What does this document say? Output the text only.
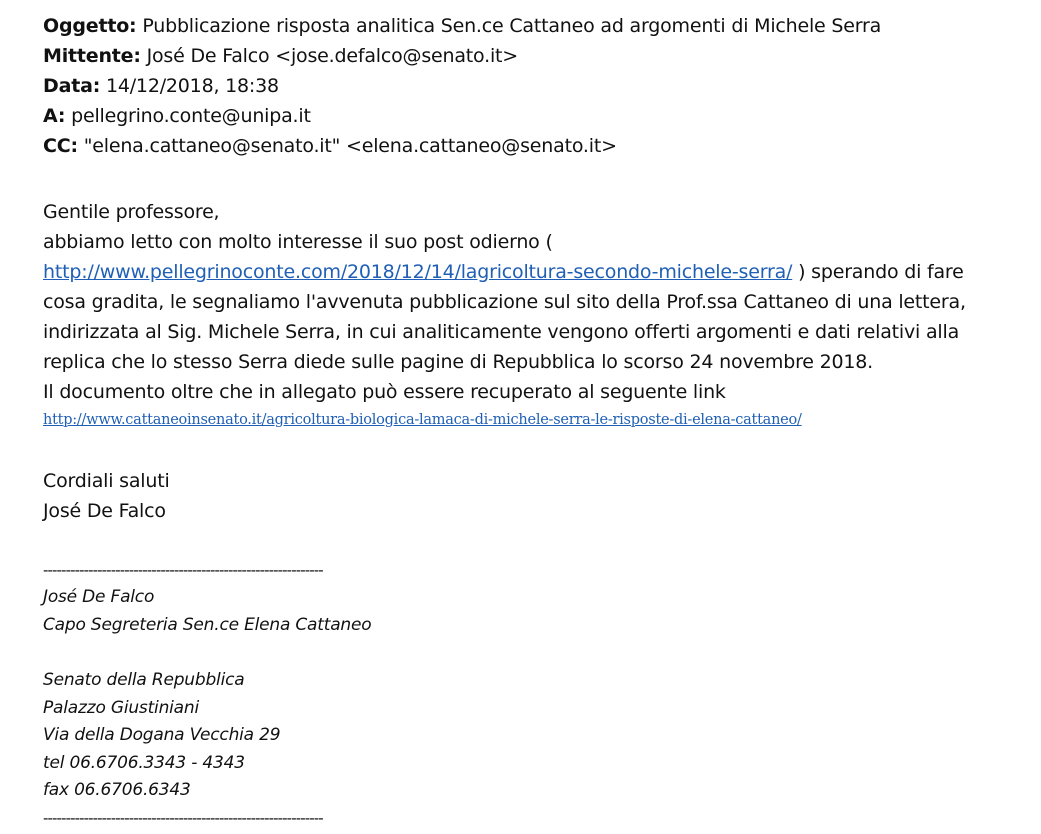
Oggetto: Pubblicazione risposta analitica Sen.ce Cattaneo ad argomenti di Michele Serra
Mittente: José De Falco <jose.defalco@senato.it>
Data: 14/12/2018, 18:38
A: pellegrino.conte@unipa.it
CC: "elena.cattaneo@senato.it" <elena.cattaneo@senato.it>

Gentile professore,

abbiamo letto con molto interesse il suo post odierno ( http://www.pellegrinoconte.com/2018/12/14/lagricoltura-secondo-michele-serra/ ) sperando di fare cosa gradita, le segnaliamo l'avvenuta pubblicazione sul sito della Prof.ssa Cattaneo di una lettera, indirizzata al Sig. Michele Serra, in cui analiticamente vengono offerti argomenti e dati relativi alla replica che lo stesso Serra diede sulle pagine di Repubblica lo scorso 24 novembre 2018.

Il documento oltre che in allegato può essere recuperato al seguente link

http://www.cattaneoinsenato.it/agricoltura-biologica-lamaca-di-michele-serra-le-risposte-di-elena-cattaneo/
Cordiali saluti
José De Falco
--------------------------------------------------------------
José De Falco
Capo Segreteria Sen.ce Elena Cattaneo
Senato della Repubblica
Palazzo Giustiniani
Via della Dogana Vecchia 29
tel 06.6706.3343 - 4343
fax 06.6706.6343
--------------------------------------------------------------
